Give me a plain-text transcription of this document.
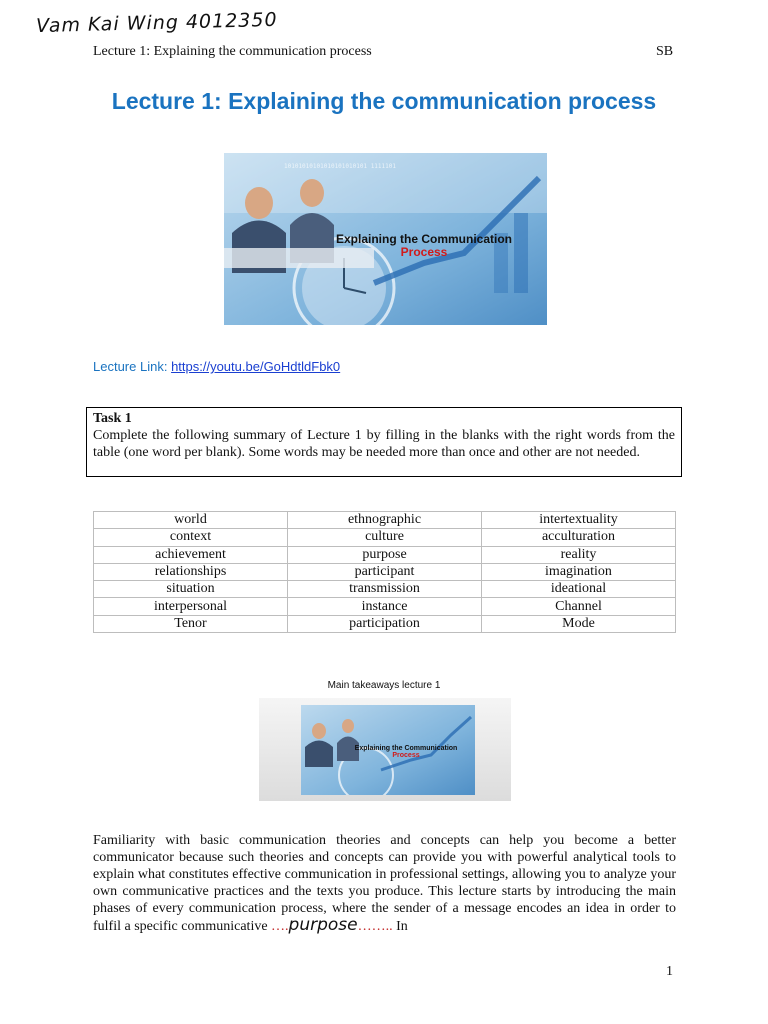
Vam Kai Wing 4012350
Lecture 1: Explaining the communication process	SB
Lecture 1: Explaining the communication process
10101010101010101010101 1111101
Explaining the Communication
Process
Lecture Link: https://youtu.be/GoHdtldFbk0
Task 1
Complete the following summary of Lecture 1 by filling in the blanks with the right words from the table (one word per blank). Some words may be needed more than once and other are not needed.
world	ethnographic	intertextuality
context	culture	acculturation
achievement	purpose	reality
relationships	participant	imagination
situation	transmission	ideational
interpersonal	instance	Channel
Tenor	participation	Mode
Main takeaways lecture 1
Explaining the Communication
Process
Familiarity with basic communication theories and concepts can help you become a better communicator because such theories and concepts can provide you with powerful analytical tools to explain what constitutes effective communication in professional settings, allowing you to analyze your own communicative practices and the texts you produce. This lecture starts by introducing the main phases of every communication process, where the sender of a message encodes an idea in order to fulfil a specific communicative ….purpose…….. In
1
